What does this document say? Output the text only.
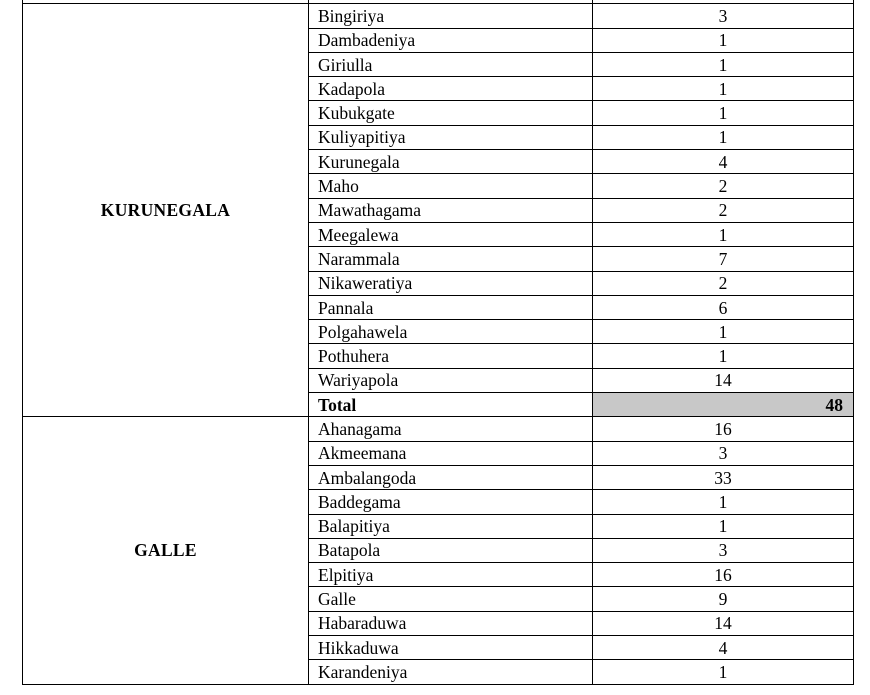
KURUNEGALA	Bingiriya	3
	Dambadeniya	1
	Giriulla	1
	Kadapola	1
	Kubukgate	1
	Kuliyapitiya	1
	Kurunegala	4
	Maho	2
	Mawathagama	2
	Meegalewa	1
	Narammala	7
	Nikaweratiya	2
	Pannala	6
	Polgahawela	1
	Pothuhera	1
	Wariyapola	14
	Total	48
GALLE	Ahanagama	16
	Akmeemana	3
	Ambalangoda	33
	Baddegama	1
	Balapitiya	1
	Batapola	3
	Elpitiya	16
	Galle	9
	Habaraduwa	14
	Hikkaduwa	4
	Karandeniya	1
